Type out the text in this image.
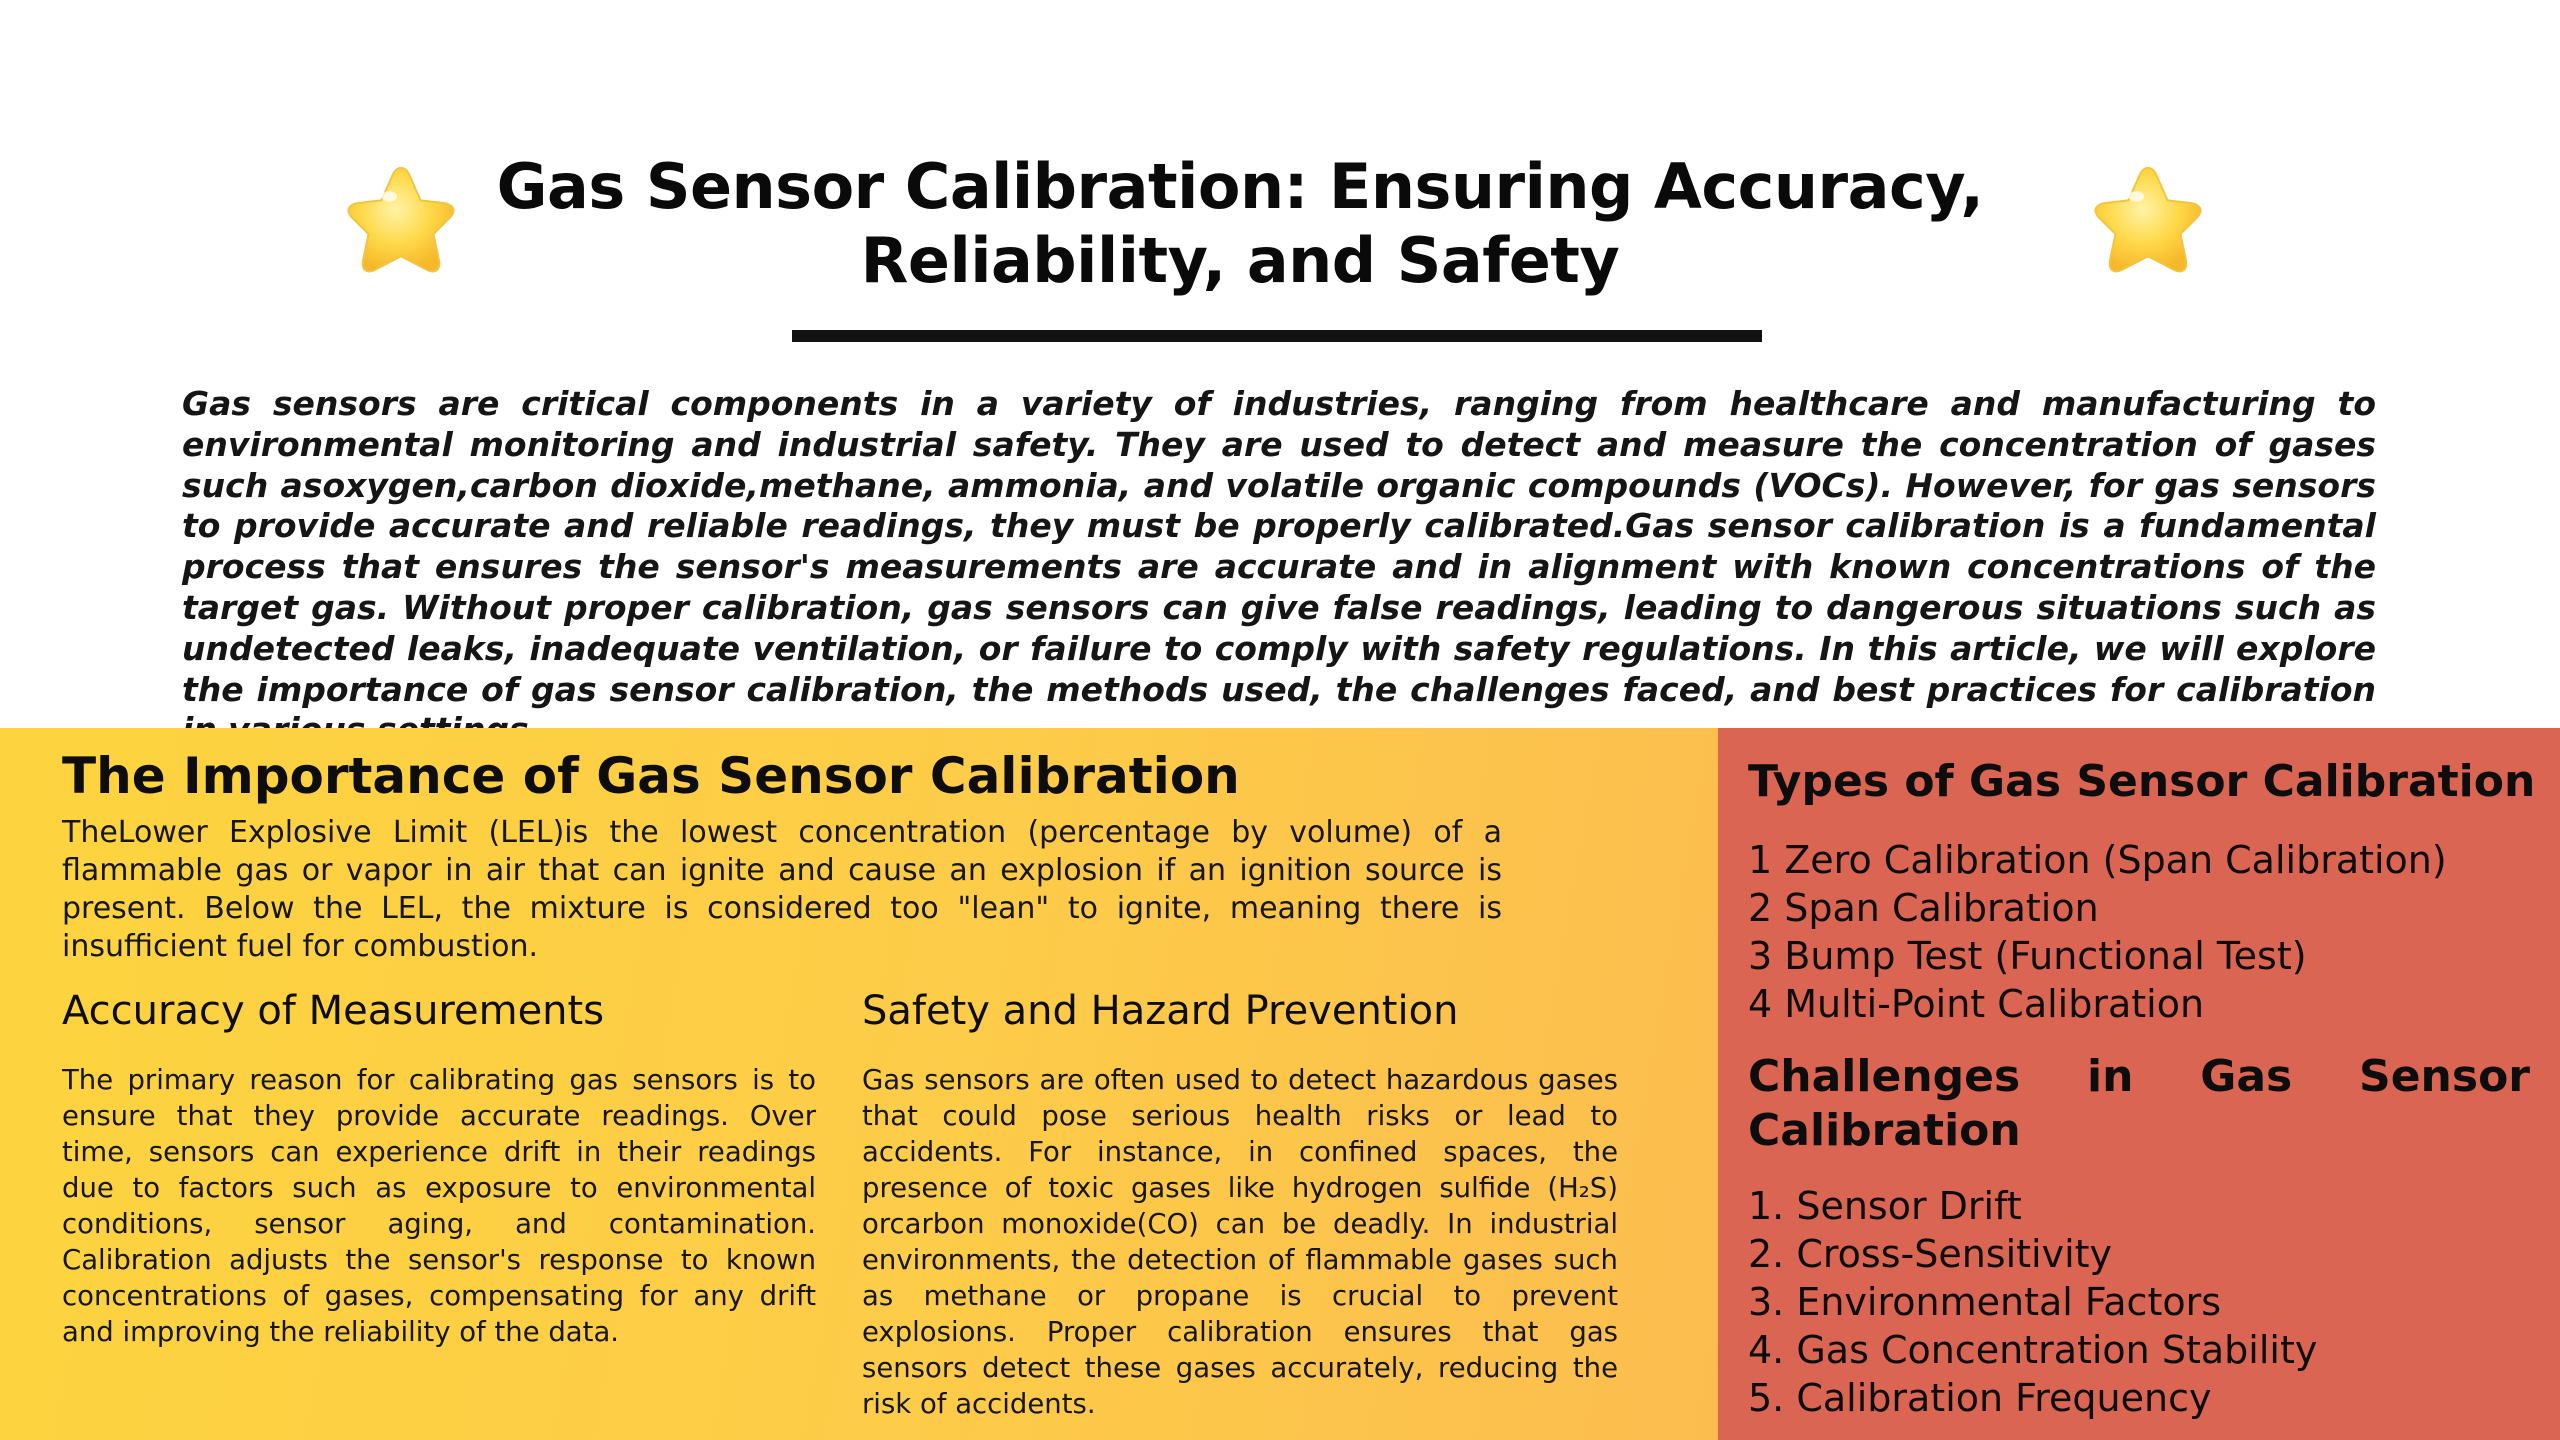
Gas Sensor Calibration: Ensuring Accuracy,
Reliability, and Safety

Gas sensors are critical components in a variety of industries, ranging from healthcare and manufacturing to environmental monitoring and industrial safety. They are used to detect and measure the concentration of gases such asoxygen,carbon dioxide,methane, ammonia, and volatile organic compounds (VOCs). However, for gas sensors to provide accurate and reliable readings, they must be properly calibrated.Gas sensor calibration is a fundamental process that ensures the sensor's measurements are accurate and in alignment with known concentrations of the target gas. Without proper calibration, gas sensors can give false readings, leading to dangerous situations such as undetected leaks, inadequate ventilation, or failure to comply with safety regulations. In this article, we will explore the importance of gas sensor calibration, the methods used, the challenges faced, and best practices for calibration

The Importance of Gas Sensor Calibration

TheLower Explosive Limit (LEL)is the lowest concentration (percentage by volume) of a flammable gas or vapor in air that can ignite and cause an explosion if an ignition source is present. Below the LEL, the mixture is considered too "lean" to ignite, meaning there is insufficient fuel for combustion.

Accuracy of Measurements

The primary reason for calibrating gas sensors is to ensure that they provide accurate readings. Over time, sensors can experience drift in their readings due to factors such as exposure to environmental conditions, sensor aging, and contamination. Calibration adjusts the sensor's response to known concentrations of gases, compensating for any drift and improving the reliability of the data.

Safety and Hazard Prevention

Gas sensors are often used to detect hazardous gases that could pose serious health risks or lead to accidents. For instance, in confined spaces, the presence of toxic gases like hydrogen sulfide (H₂S) orcarbon monoxide(CO) can be deadly. In industrial environments, the detection of flammable gases such as methane or propane is crucial to prevent explosions. Proper calibration ensures that gas sensors detect these gases accurately, reducing the risk of accidents.

Types of Gas Sensor Calibration
1 Zero Calibration (Span Calibration)
2 Span Calibration
3 Bump Test (Functional Test)
4 Multi-Point Calibration
Challenges in Gas Sensor Calibration
1. Sensor Drift
2. Cross-Sensitivity
3. Environmental Factors
4. Gas Concentration Stability
5. Calibration Frequency
